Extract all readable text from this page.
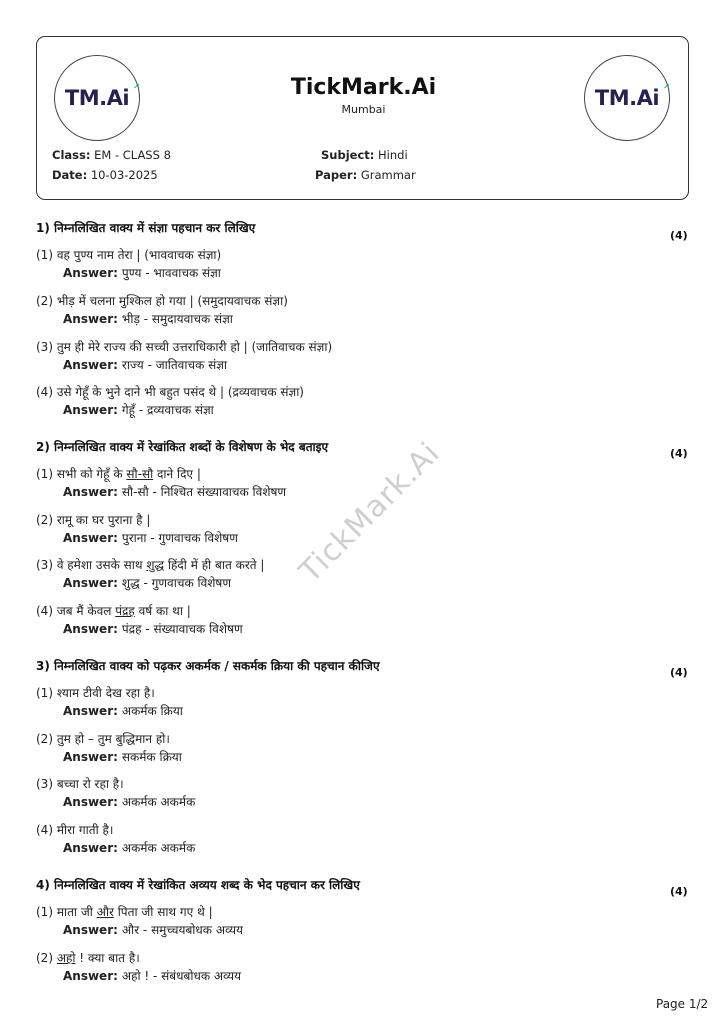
TM.Ai ↗	TM.Ai ↗
TickMark.Ai
Mumbai
Class: EM - CLASS 8	Subject: Hindi
Date: 10-03-2025	Paper: Grammar
TickMark.Ai
1) निम्नलिखित वाक्य में संज्ञा पहचान कर लिखिए
(4)
(1) वह पुण्य नाम तेरा | (भाववाचक संज्ञा)
Answer: पुण्य - भाववाचक संज्ञा
(2) भीड़ में चलना मुश्किल हो गया | (समुदायवाचक संज्ञा)
Answer: भीड़ - समुदायवाचक संज्ञा
(3) तुम ही मेरे राज्य की सच्ची उत्तराधिकारी हो | (जातिवाचक संज्ञा)
Answer: राज्य - जातिवाचक संज्ञा
(4) उसे गेहूँ के भुने दाने भी बहुत पसंद थे | (द्रव्यवाचक संज्ञा)
Answer: गेहूँ - द्रव्यवाचक संज्ञा
2) निम्नलिखित वाक्य में रेखांकित शब्दों के विशेषण के भेद बताइए	(4)
(1) सभी को गेहूँ के सौ-सौ दाने दिए |
Answer: सौ-सौ - निश्चित संख्यावाचक विशेषण
(2) रामू का घर पुराना है |
Answer: पुराना - गुणवाचक विशेषण
(3) वे हमेशा उसके साथ शुद्ध हिंदी में ही बात करते |
Answer: शुद्ध - गुणवाचक विशेषण
(4) जब मैं केवल पंद्रह वर्ष का था |
Answer: पंद्रह - संख्यावाचक विशेषण
3) निम्नलिखित वाक्य को पढ़कर अकर्मक / सकर्मक क्रिया की पहचान कीजिए	(4)
(1) श्याम टीवी देख रहा है।
Answer: अकर्मक क्रिया
(2) तुम हो – तुम बुद्धिमान हो।
Answer: सकर्मक क्रिया
(3) बच्चा रो रहा है।
Answer: अकर्मक अकर्मक
(4) मीरा गाती है।
Answer: अकर्मक अकर्मक
4) निम्नलिखित वाक्य में रेखांकित अव्यय शब्द के भेद पहचान कर लिखिए	(4)
(1) माता जी और पिता जी साथ गए थे |
Answer: और - समुच्चयबोधक अव्यय
(2) अहो ! क्या बात है।
Answer: अहो ! - संबंधबोधक अव्यय
Page 1/2
